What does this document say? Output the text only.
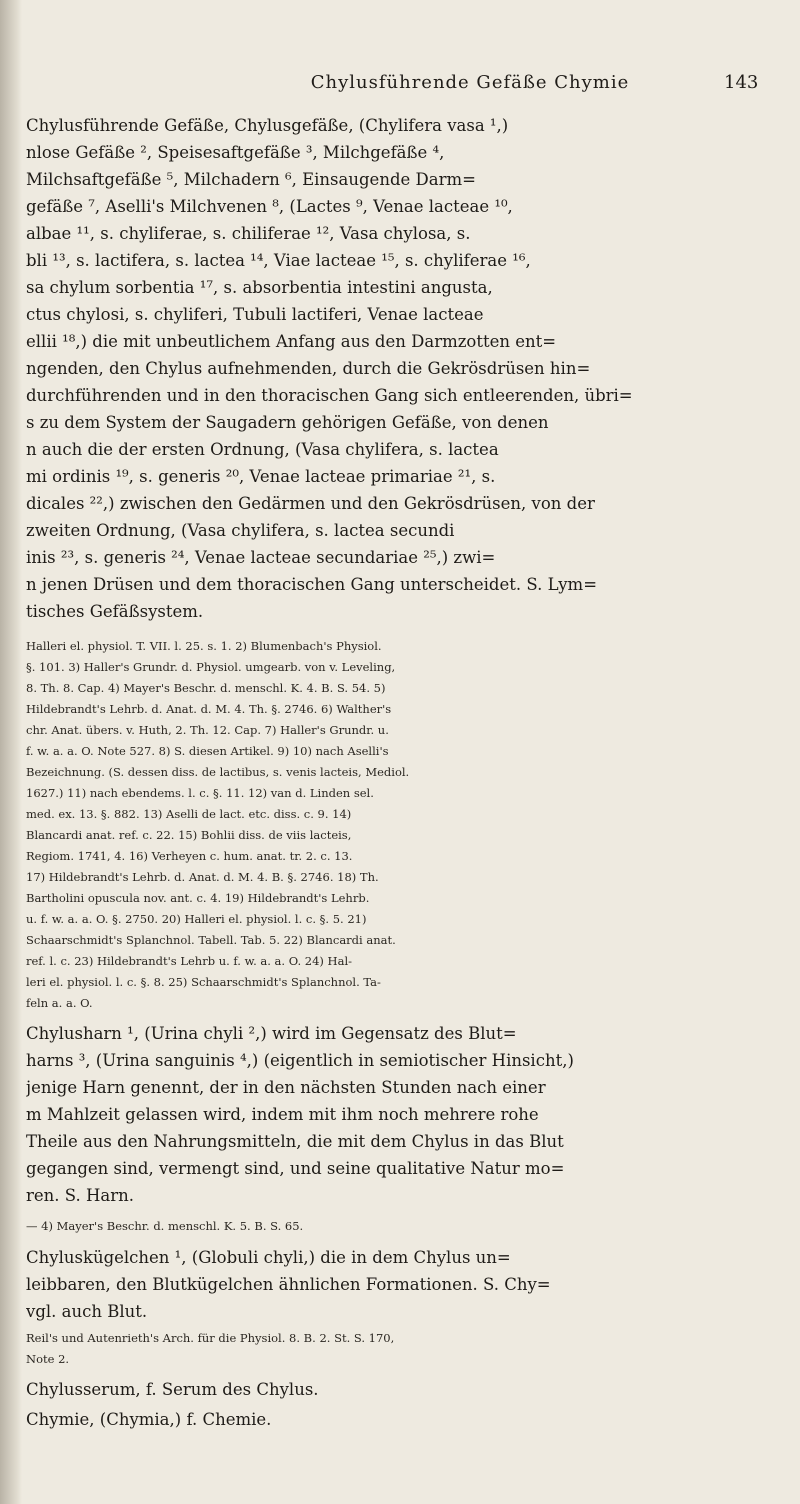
Chylusführende Gefäße Chymie	143
Chylusführende Gefäße, Chylusgefäße, (Chylifera vasa ¹,)
nlose Gefäße ², Speisesaftgefäße ³, Milchgefäße ⁴,
Milchsaftgefäße ⁵, Milchadern ⁶, Einsaugende Darm=
gefäße ⁷, Aselli's Milchvenen ⁸, (Lactes ⁹, Venae lacteae ¹⁰,
albae ¹¹, s. chyliferae, s. chiliferae ¹², Vasa chylosa, s.
bli ¹³, s. lactifera, s. lactea ¹⁴, Viae lacteae ¹⁵, s. chyliferae ¹⁶,
sa chylum sorbentia ¹⁷, s. absorbentia intestini angusta,
ctus chylosi, s. chyliferi, Tubuli lactiferi, Venae lacteae
ellii ¹⁸,) die mit unbeutlichem Anfang aus den Darmzotten ent=
ngenden, den Chylus aufnehmenden, durch die Gekrösdrüsen hin=
durchführenden und in den thoracischen Gang sich entleerenden, übri=
s zu dem System der Saugadern gehörigen Gefäße, von denen
n auch die der ersten Ordnung, (Vasa chylifera, s. lactea
mi ordinis ¹⁹, s. generis ²⁰, Venae lacteae primariae ²¹, s.
dicales ²²,) zwischen den Gedärmen und den Gekrösdrüsen, von der
zweiten Ordnung, (Vasa chylifera, s. lactea secundi
inis ²³, s. generis ²⁴, Venae lacteae secundariae ²⁵,) zwi=
n jenen Drüsen und dem thoracischen Gang unterscheidet. S. Lym=
tisches Gefäßsystem.
Halleri el. physiol. T. VII. l. 25. s. 1. 2) Blumenbach's Physiol.
§. 101. 3) Haller's Grundr. d. Physiol. umgearb. von v. Leveling,
8. Th. 8. Cap. 4) Mayer's Beschr. d. menschl. K. 4. B. S. 54. 5)
Hildebrandt's Lehrb. d. Anat. d. M. 4. Th. §. 2746. 6) Walther's
chr. Anat. übers. v. Huth, 2. Th. 12. Cap. 7) Haller's Grundr. u.
f. w. a. a. O. Note 527. 8) S. diesen Artikel. 9) 10) nach Aselli's
Bezeichnung. (S. dessen diss. de lactibus, s. venis lacteis, Mediol.
1627.) 11) nach ebendems. l. c. §. 11. 12) van d. Linden sel.
med. ex. 13. §. 882. 13) Aselli de lact. etc. diss. c. 9. 14)
Blancardi anat. ref. c. 22. 15) Bohlii diss. de viis lacteis,
Regiom. 1741, 4. 16) Verheyen c. hum. anat. tr. 2. c. 13.
17) Hildebrandt's Lehrb. d. Anat. d. M. 4. B. §. 2746. 18) Th.
Bartholini opuscula nov. ant. c. 4. 19) Hildebrandt's Lehrb.
u. f. w. a. a. O. §. 2750. 20) Halleri el. physiol. l. c. §. 5. 21)
Schaarschmidt's Splanchnol. Tabell. Tab. 5. 22) Blancardi anat.
ref. l. c. 23) Hildebrandt's Lehrb u. f. w. a. a. O. 24) Hal-
leri el. physiol. l. c. §. 8. 25) Schaarschmidt's Splanchnol. Ta-
feln a. a. O.
Chylusharn ¹, (Urina chyli ²,) wird im Gegensatz des Blut=
harns ³, (Urina sanguinis ⁴,) (eigentlich in semiotischer Hinsicht,)
jenige Harn genennt, der in den nächsten Stunden nach einer
m Mahlzeit gelassen wird, indem mit ihm noch mehrere rohe
Theile aus den Nahrungsmitteln, die mit dem Chylus in das Blut
gegangen sind, vermengt sind, und seine qualitative Natur mo=
ren. S. Harn.
— 4) Mayer's Beschr. d. menschl. K. 5. B. S. 65.
Chyluskügelchen ¹, (Globuli chyli,) die in dem Chylus un=
leibbaren, den Blutkügelchen ähnlichen Formationen. S. Chy=
vgl. auch Blut.
Reil's und Autenrieth's Arch. für die Physiol. 8. B. 2. St. S. 170,
Note 2.
Chylusserum, f. Serum des Chylus.
Chymie, (Chymia,) f. Chemie.
